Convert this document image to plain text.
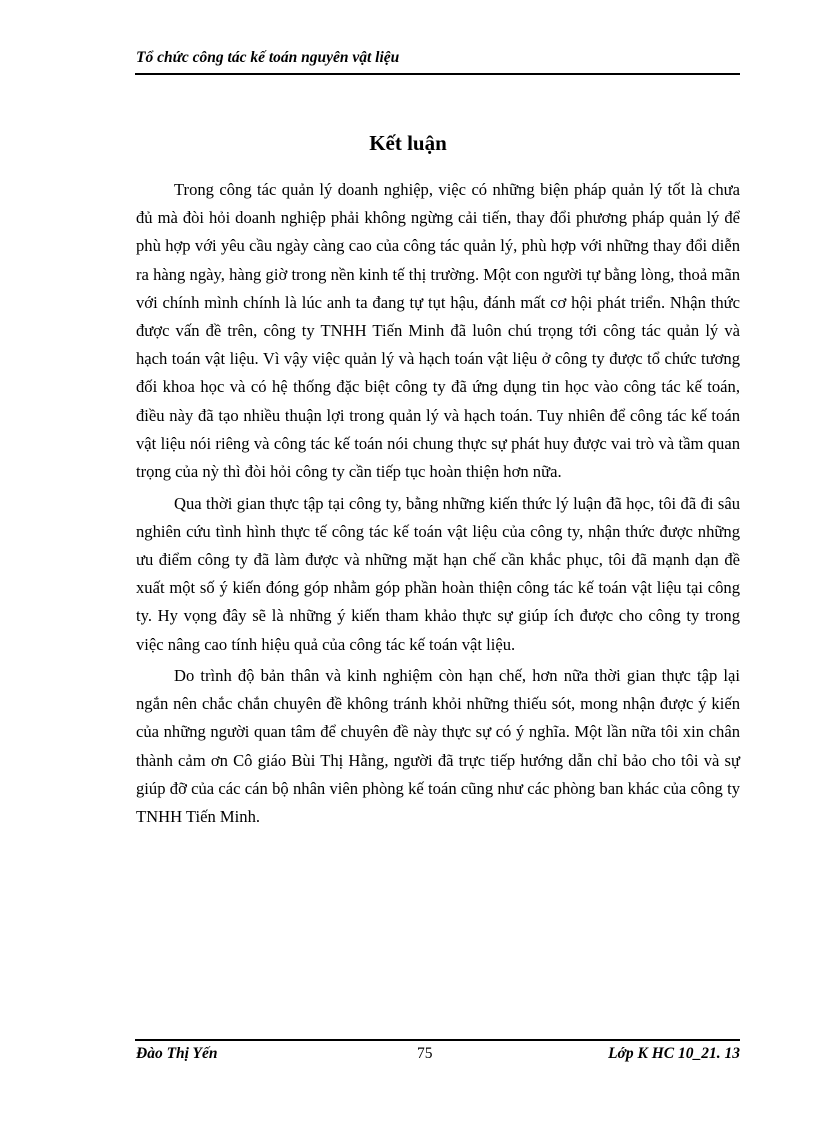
Tổ chức công tác kế toán nguyên vật liệu
Kết luận

Trong công tác quản lý doanh nghiệp, việc có những biện pháp quản lý tốt là chưa đủ mà đòi hỏi doanh nghiệp phải không ngừng cải tiến, thay đổi phương pháp quản lý để phù hợp với yêu cầu ngày càng cao của công tác quản lý, phù hợp với những thay đổi diễn ra hàng ngày, hàng giờ trong nền kinh tế thị trường. Một con người tự bằng lòng, thoả mãn với chính mình chính là lúc anh ta đang tự tụt hậu, đánh mất cơ hội phát triển. Nhận thức được vấn đề trên, công ty TNHH Tiến Minh đã luôn chú trọng tới công tác quản lý và hạch toán vật liệu. Vì vậy việc quản lý và hạch toán vật liệu ở công ty được tổ chức tương đối khoa học và có hệ thống đặc biệt công ty đã ứng dụng tin học vào công tác kế toán, điều này đã tạo nhiều thuận lợi trong quản lý và hạch toán. Tuy nhiên để công tác kế toán vật liệu nói riêng và công tác kế toán nói chung thực sự phát huy được vai trò và tầm quan trọng của nỳ thì đòi hỏi công ty cần tiếp tục hoàn thiện hơn nữa.

Qua thời gian thực tập tại công ty, bằng những kiến thức lý luận đã học, tôi đã đi sâu nghiên cứu tình hình thực tế công tác kế toán vật liệu của công ty, nhận thức được những ưu điểm công ty đã làm được và những mặt hạn chế cần khắc phục, tôi đã mạnh dạn đề xuất một số ý kiến đóng góp nhằm góp phần hoàn thiện công tác kế toán vật liệu tại công ty. Hy vọng đây sẽ là những ý kiến tham khảo thực sự giúp ích được cho công ty trong việc nâng cao tính hiệu quả của công tác kế toán vật liệu.

Do trình độ bản thân và kinh nghiệm còn hạn chế, hơn nữa thời gian thực tập lại ngắn nên chắc chắn chuyên đề không tránh khỏi những thiếu sót, mong nhận được ý kiến của những người quan tâm để chuyên đề này thực sự có ý nghĩa. Một lần nữa tôi xin chân thành cảm ơn Cô giáo Bùi Thị Hằng, người đã trực tiếp hướng dẫn chỉ bảo cho tôi và sự giúp đỡ của các cán bộ nhân viên phòng kế toán cũng như các phòng ban khác của công ty TNHH Tiến Minh.

Đào Thị Yến	75	Lớp K HC 10_21. 13
